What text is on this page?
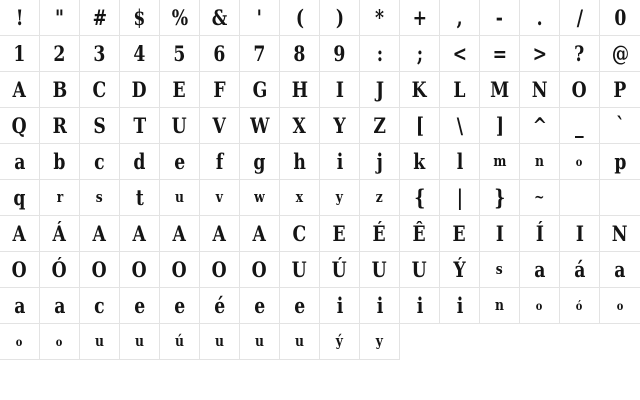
! " # $ % & ' ( ) * + , - . / 0
1 2 3 4 5 6 7 8 9 : ; < = > ? @
A B C D E F G H I J K L M N O P
Q R S T U V W X Y Z [ \ ] ^ _ `
a b c d e f g h i j k l m n	o p
q r s t u v w x y z { | } ~
A Á A A A A A C E É Ê E I Í I N
O Ó O O O O O U Ú U U Ý s a á a
a a c e e é e e i i i i n	o	ó	o
o	o u u ú u u u ý y
